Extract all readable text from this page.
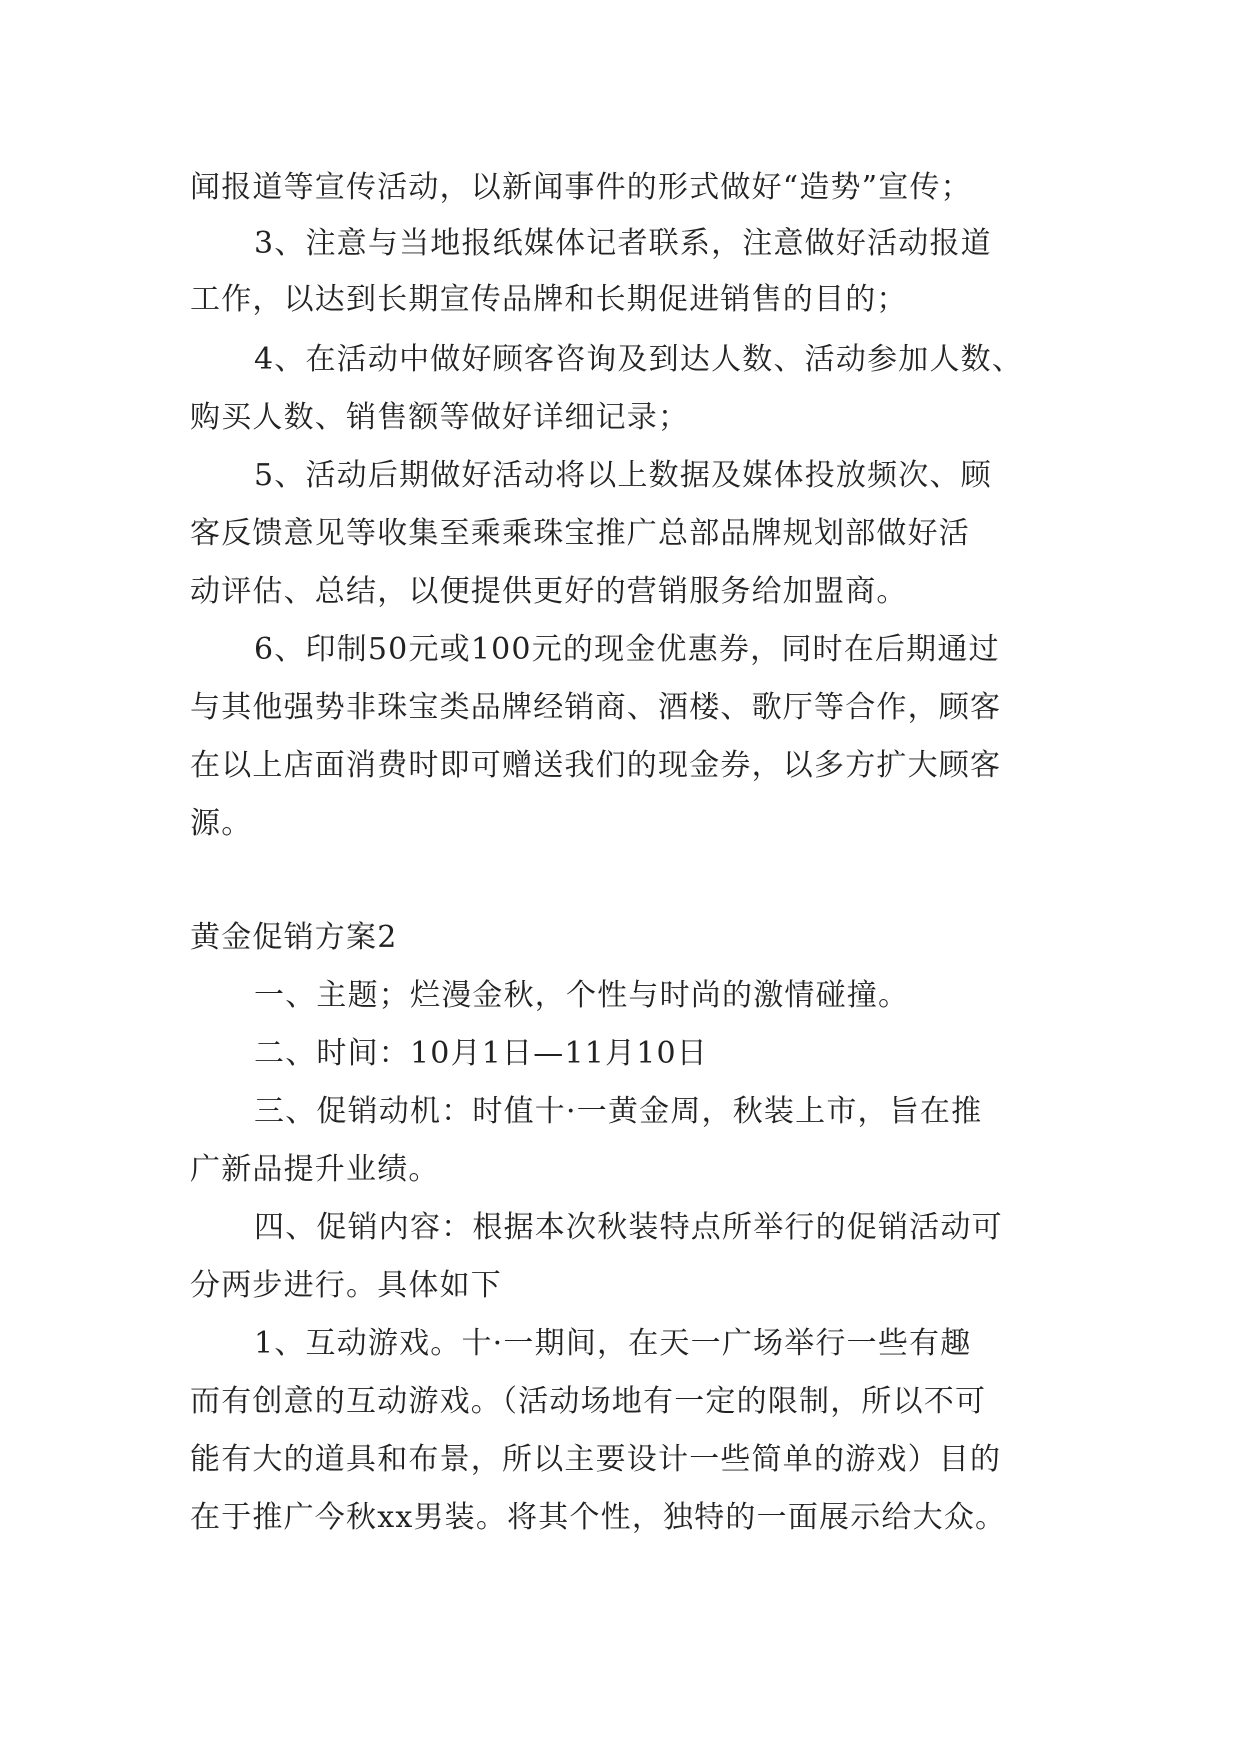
闻报道等宣传活动，以新闻事件的形式做好“造势”宣传；
3、注意与当地报纸媒体记者联系，注意做好活动报道
工作，以达到长期宣传品牌和长期促进销售的目的；
4、在活动中做好顾客咨询及到达人数、活动参加人数、
购买人数、销售额等做好详细记录；
5、活动后期做好活动将以上数据及媒体投放频次、顾
客反馈意见等收集至乘乘珠宝推广总部品牌规划部做好活
动评估、总结，以便提供更好的营销服务给加盟商。
6、印制50元或100元的现金优惠券，同时在后期通过
与其他强势非珠宝类品牌经销商、酒楼、歌厅等合作，顾客
在以上店面消费时即可赠送我们的现金券，以多方扩大顾客
源。
黄金促销方案2
一、主题；烂漫金秋，个性与时尚的激情碰撞。
二、时间：10月1日—11月10日
三、促销动机：时值十·一黄金周，秋装上市，旨在推
广新品提升业绩。
四、促销内容：根据本次秋装特点所举行的促销活动可
分两步进行。具体如下
1、互动游戏。十·一期间，在天一广场举行一些有趣
而有创意的互动游戏。（活动场地有一定的限制，所以不可
能有大的道具和布景，所以主要设计一些简单的游戏）目的
在于推广今秋xx男装。将其个性，独特的一面展示给大众。
